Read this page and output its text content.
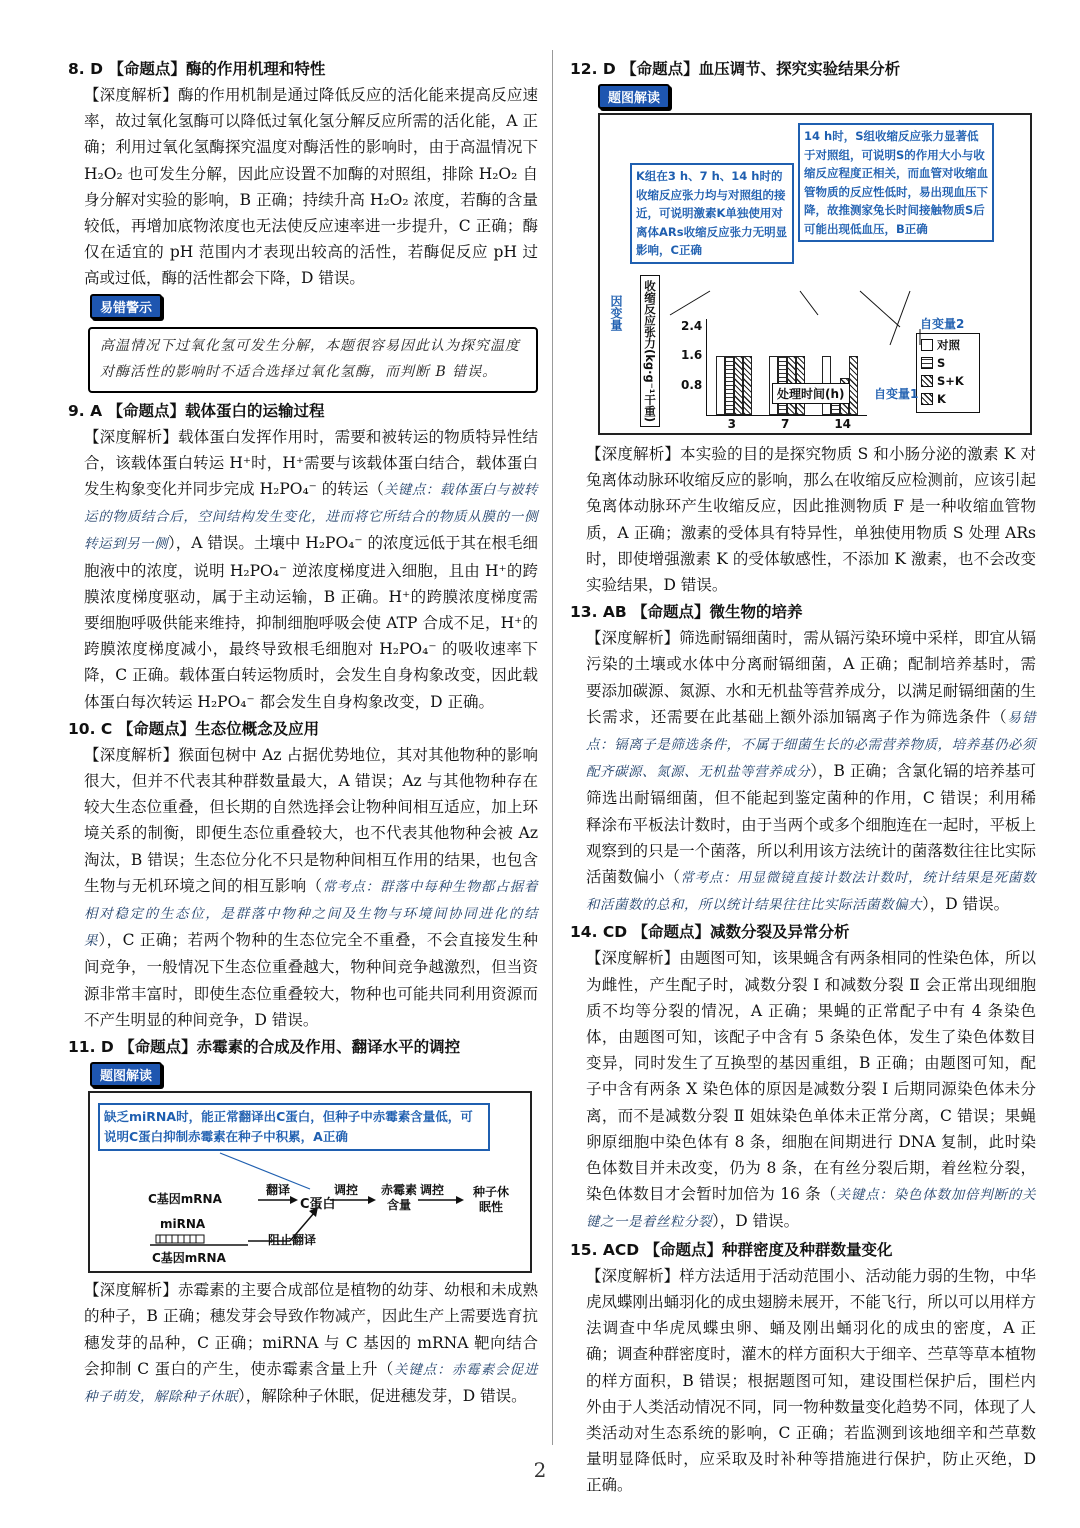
8. D 【命题点】酶的作用机理和特性

【深度解析】酶的作用机制是通过降低反应的活化能来提高反应速率，故过氧化氢酶可以降低过氧化氢分解反应所需的活化能，A 正确；利用过氧化氢酶探究温度对酶活性的影响时，由于高温情况下 H₂O₂ 也可发生分解，因此应设置不加酶的对照组，排除 H₂O₂ 自身分解对实验的影响，B 正确；持续升高 H₂O₂ 浓度，若酶的含量较低，再增加底物浓度也无法使反应速率进一步提升，C 正确；酶仅在适宜的 pH 范围内才表现出较高的活性，若酶促反应 pH 过高或过低，酶的活性都会下降，D 错误。

易错警示
高温情况下过氧化氢可发生分解，本题很容易因此认为探究温度对酶活性的影响时不适合选择过氧化氢酶，而判断 B 错误。
9. A 【命题点】载体蛋白的运输过程

【深度解析】载体蛋白发挥作用时，需要和被转运的物质特异性结合，该载体蛋白转运 H⁺时，H⁺需要与该载体蛋白结合，载体蛋白发生构象变化并同步完成 H₂PO₄⁻ 的转运（关键点：载体蛋白与被转运的物质结合后，空间结构发生变化，进而将它所结合的物质从膜的一侧转运到另一侧），A 错误。土壤中 H₂PO₄⁻ 的浓度远低于其在根毛细胞液中的浓度，说明 H₂PO₄⁻ 逆浓度梯度进入细胞，且由 H⁺的跨膜浓度梯度驱动，属于主动运输，B 正确。H⁺的跨膜浓度梯度需要细胞呼吸供能来维持，抑制细胞呼吸会使 ATP 合成不足，H⁺的跨膜浓度梯度减小，最终导致根毛细胞对 H₂PO₄⁻ 的吸收速率下降，C 正确。载体蛋白转运物质时，会发生自身构象改变，因此载体蛋白每次转运 H₂PO₄⁻ 都会发生自身构象改变，D 正确。

10. C 【命题点】生态位概念及应用

【深度解析】猴面包树中 Az 占据优势地位，其对其他物种的影响很大，但并不代表其种群数量最大，A 错误；Az 与其他物种存在较大生态位重叠，但长期的自然选择会让物种间相互适应，加上环境关系的制衡，即便生态位重叠较大，也不代表其他物种会被 Az 淘汰，B 错误；生态位分化不只是物种间相互作用的结果，也包含生物与无机环境之间的相互影响（常考点：群落中每种生物都占据着相对稳定的生态位，是群落中物种之间及生物与环境间协同进化的结果），C 正确；若两个物种的生态位完全不重叠，不会直接发生种间竞争，一般情况下生态位重叠越大，物种间竞争越激烈，但当资源非常丰富时，即使生态位重叠较大，物种也可能共同利用资源而不产生明显的种间竞争，D 错误。

11. D 【命题点】赤霉素的合成及作用、翻译水平的调控
题图解读
缺乏miRNA时，能正常翻译出C蛋白，但种子中赤霉素含量低，可说明C蛋白抑制赤霉素在种子中积累，A正确
C基因mRNA
翻译
C蛋白
调控 赤霉素含量
调控	种子休眠性
miRNA
阻止翻译
C基因mRNA

【深度解析】赤霉素的主要合成部位是植物的幼芽、幼根和未成熟的种子，B 正确；穗发芽会导致作物减产，因此生产上需要选育抗穗发芽的品种，C 正确；miRNA 与 C 基因的 mRNA 靶向结合会抑制 C 蛋白的产生，使赤霉素含量上升（关键点：赤霉素会促进种子萌发，解除种子休眠），解除种子休眠，促进穗发芽，D 错误。

12. D 【命题点】血压调节、探究实验结果分析
题图解读
K组在3 h、7 h、14 h时的收缩反应张力均与对照组的接近，可说明激素K单独使用对离体ARs收缩反应张力无明显影响，C正确
14 h时，S组收缩反应张力显著低于对照组，可说明S的作用大小与收缩反应程度正相关，而血管对收缩血管物质的反应性低时，易出现血压下降，故推测家兔长时间接触物质S后可能出现低血压，B正确
因变量 收缩反应张力(kg·g⁻¹干重)
3	7	14
0.8
1.6
2.4	自变量2
对照
S
S+K
K
处理时间(h)	自变量1

【深度解析】本实验的目的是探究物质 S 和小肠分泌的激素 K 对兔离体动脉环收缩反应的影响，那么在收缩反应检测前，应该引起兔离体动脉环产生收缩反应，因此推测物质 F 是一种收缩血管物质，A 正确；激素的受体具有特异性，单独使用物质 S 处理 ARs 时，即使增强激素 K 的受体敏感性，不添加 K 激素，也不会改变实验结果，D 错误。

13. AB 【命题点】微生物的培养

【深度解析】筛选耐镉细菌时，需从镉污染环境中采样，即宜从镉污染的土壤或水体中分离耐镉细菌，A 正确；配制培养基时，需要添加碳源、氮源、水和无机盐等营养成分，以满足耐镉细菌的生长需求，还需要在此基础上额外添加镉离子作为筛选条件（易错点：镉离子是筛选条件，不属于细菌生长的必需营养物质，培养基仍必须配齐碳源、氮源、无机盐等营养成分），B 正确；含氯化镉的培养基可筛选出耐镉细菌，但不能起到鉴定菌种的作用，C 错误；利用稀释涂布平板法计数时，由于当两个或多个细胞连在一起时，平板上观察到的只是一个菌落，所以利用该方法统计的菌落数往往比实际活菌数偏小（常考点：用显微镜直接计数法计数时，统计结果是死菌数和活菌数的总和，所以统计结果往往比实际活菌数偏大），D 错误。

14. CD 【命题点】减数分裂及异常分析

【深度解析】由题图可知，该果蝇含有两条相同的性染色体，所以为雌性，产生配子时，减数分裂 Ⅰ 和减数分裂 Ⅱ 会正常出现细胞质不均等分裂的情况，A 正确；果蝇的正常配子中有 4 条染色体，由题图可知，该配子中含有 5 条染色体，发生了染色体数目变异，同时发生了互换型的基因重组，B 正确；由题图可知，配子中含有两条 X 染色体的原因是减数分裂 Ⅰ 后期同源染色体未分离，而不是减数分裂 Ⅱ 姐妹染色单体未正常分离，C 错误；果蝇卵原细胞中染色体有 8 条，细胞在间期进行 DNA 复制，此时染色体数目并未改变，仍为 8 条，在有丝分裂后期，着丝粒分裂，染色体数目才会暂时加倍为 16 条（关键点：染色体数加倍判断的关键之一是着丝粒分裂），D 错误。

15. ACD 【命题点】种群密度及种群数量变化

【深度解析】样方法适用于活动范围小、活动能力弱的生物，中华虎凤蝶刚出蛹羽化的成虫翅膀未展开，不能飞行，所以可以用样方法调查中华虎凤蝶虫卵、蛹及刚出蛹羽化的成虫的密度，A 正确；调查种群密度时，灌木的样方面积大于细辛、苎草等草本植物的样方面积，B 错误；根据题图可知，建设围栏保护后，围栏内外由于人类活动情况不同，同一物种数量变化趋势不同，体现了人类活动对生态系统的影响，C 正确；若监测到该地细辛和苎草数量明显降低时，应采取及时补种等措施进行保护，防止灭绝，D 正确。

2
